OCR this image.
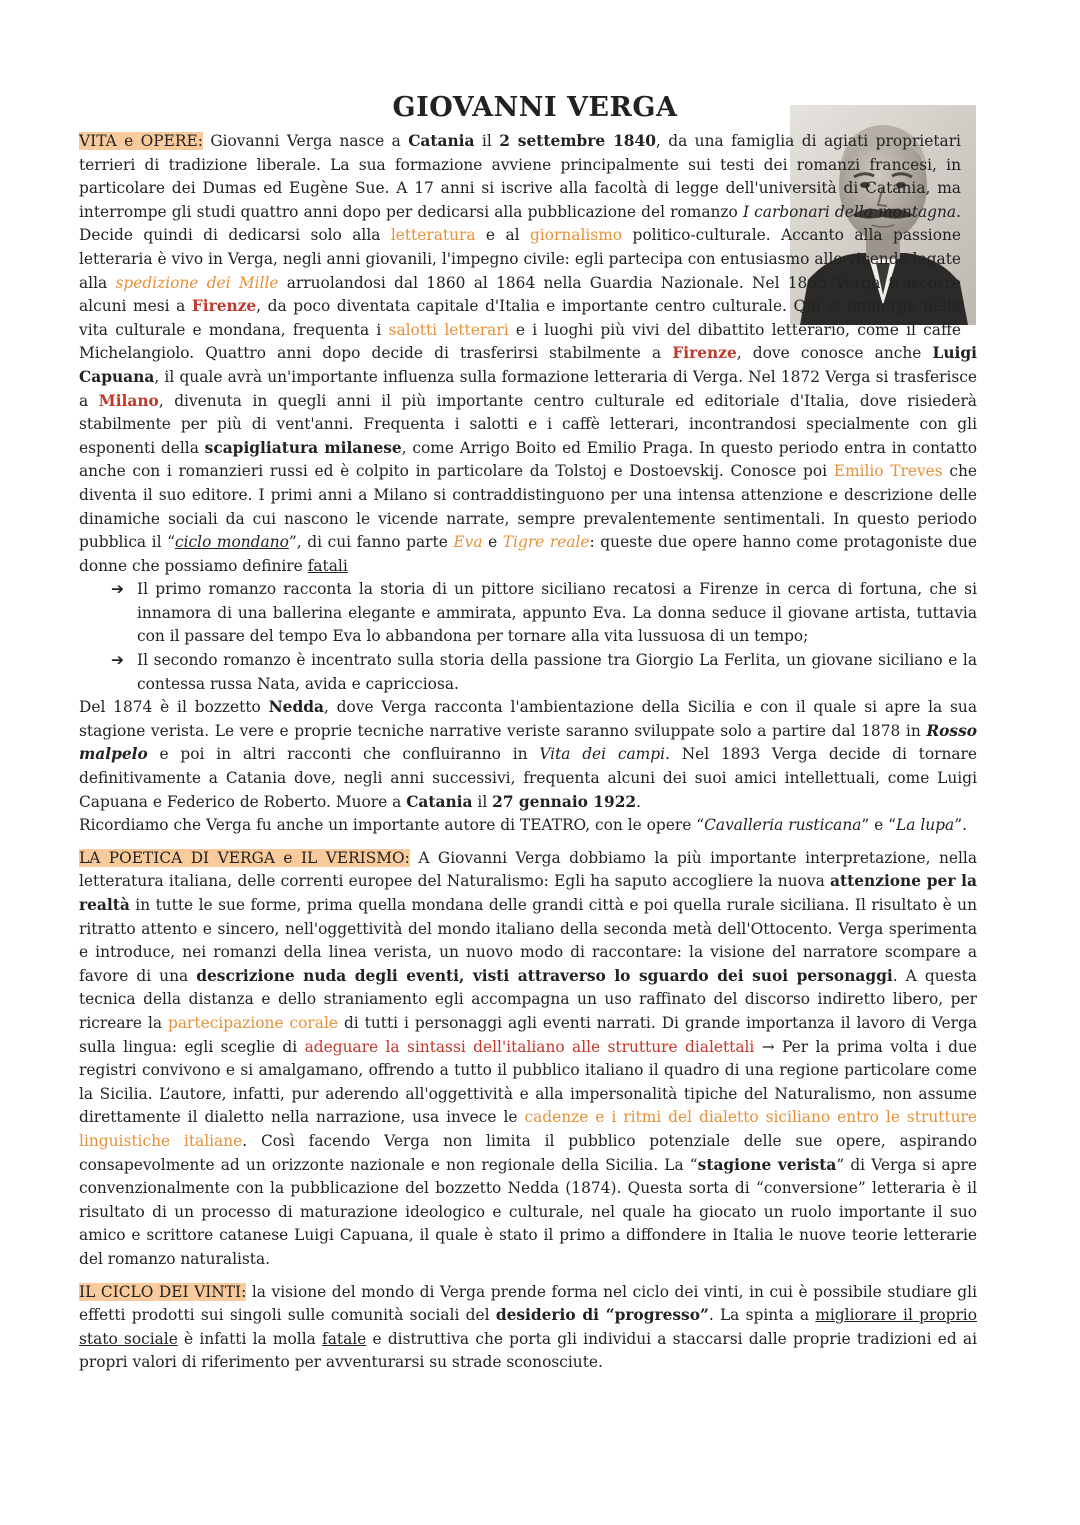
GIOVANNI VERGA

VITA e OPERE: Giovanni Verga nasce a Catania il 2 settembre 1840, da una famiglia di agiati proprietari terrieri di tradizione liberale. La sua formazione avviene principalmente sui testi dei romanzi francesi, in particolare dei Dumas ed Eugène Sue. A 17 anni si iscrive alla facoltà di legge dell'università di Catania, ma interrompe gli studi quattro anni dopo per dedicarsi alla pubblicazione del romanzo I carbonari della montagna. Decide quindi di dedicarsi solo alla letteratura e al giornalismo politico-culturale. Accanto alla passione letteraria è vivo in Verga, negli anni giovanili, l'impegno civile: egli partecipa con entusiasmo alle vicende legate alla spedizione dei Mille arruolandosi dal 1860 al 1864 nella Guardia Nazionale. Nel 1865 Verga trascorre alcuni mesi a Firenze, da poco diventata capitale d'Italia e importante centro culturale. Qui si immerge nella vita culturale e mondana, frequenta i salotti letterari e i luoghi più vivi del dibattito letterario, come il caffè Michelangiolo. Quattro anni dopo decide di trasferirsi stabilmente a Firenze, dove conosce anche Luigi Capuana, il quale avrà un'importante influenza sulla formazione letteraria di Verga. Nel 1872 Verga si trasferisce a Milano, divenuta in quegli anni il più importante centro culturale ed editoriale d'Italia, dove risiederà stabilmente per più di vent'anni. Frequenta i salotti e i caffè letterari, incontrandosi specialmente con gli esponenti della scapigliatura milanese, come Arrigo Boito ed Emilio Praga. In questo periodo entra in contatto anche con i romanzieri russi ed è colpito in particolare da Tolstoj e Dostoevskij. Conosce poi Emilio Treves che diventa il suo editore. I primi anni a Milano si contraddistinguono per una intensa attenzione e descrizione delle dinamiche sociali da cui nascono le vicende narrate, sempre prevalentemente sentimentali. In questo periodo pubblica il “ciclo mondano”, di cui fanno parte Eva e Tigre reale: queste due opere hanno come protagoniste due donne che possiamo definire fatali

➔ Il primo romanzo racconta la storia di un pittore siciliano recatosi a Firenze in cerca di fortuna, che si innamora di una ballerina elegante e ammirata, appunto Eva. La donna seduce il giovane artista, tuttavia con il passare del tempo Eva lo abbandona per tornare alla vita lussuosa di un tempo;
➔ Il secondo romanzo è incentrato sulla storia della passione tra Giorgio La Ferlita, un giovane siciliano e la contessa russa Nata, avida e capricciosa.

Del 1874 è il bozzetto Nedda, dove Verga racconta l'ambientazione della Sicilia e con il quale si apre la sua stagione verista. Le vere e proprie tecniche narrative veriste saranno sviluppate solo a partire dal 1878 in Rosso malpelo e poi in altri racconti che confluiranno in Vita dei campi. Nel 1893 Verga decide di tornare definitivamente a Catania dove, negli anni successivi, frequenta alcuni dei suoi amici intellettuali, come Luigi Capuana e Federico de Roberto. Muore a Catania il 27 gennaio 1922.

Ricordiamo che Verga fu anche un importante autore di TEATRO, con le opere “Cavalleria rusticana” e “La lupa”.

LA POETICA DI VERGA e IL VERISMO: A Giovanni Verga dobbiamo la più importante interpretazione, nella letteratura italiana, delle correnti europee del Naturalismo: Egli ha saputo accogliere la nuova attenzione per la realtà in tutte le sue forme, prima quella mondana delle grandi città e poi quella rurale siciliana. Il risultato è un ritratto attento e sincero, nell'oggettività del mondo italiano della seconda metà dell'Ottocento. Verga sperimenta e introduce, nei romanzi della linea verista, un nuovo modo di raccontare: la visione del narratore scompare a favore di una descrizione nuda degli eventi, visti attraverso lo sguardo dei suoi personaggi. A questa tecnica della distanza e dello straniamento egli accompagna un uso raffinato del discorso indiretto libero, per ricreare la partecipazione corale di tutti i personaggi agli eventi narrati. Di grande importanza il lavoro di Verga sulla lingua: egli sceglie di adeguare la sintassi dell'italiano alle strutture dialettali → Per la prima volta i due registri convivono e si amalgamano, offrendo a tutto il pubblico italiano il quadro di una regione particolare come la Sicilia. L’autore, infatti, pur aderendo all'oggettività e alla impersonalità tipiche del Naturalismo, non assume direttamente il dialetto nella narrazione, usa invece le cadenze e i ritmi del dialetto siciliano entro le strutture linguistiche italiane. Così facendo Verga non limita il pubblico potenziale delle sue opere, aspirando consapevolmente ad un orizzonte nazionale e non regionale della Sicilia. La “stagione verista” di Verga si apre convenzionalmente con la pubblicazione del bozzetto Nedda (1874). Questa sorta di “conversione” letteraria è il risultato di un processo di maturazione ideologico e culturale, nel quale ha giocato un ruolo importante il suo amico e scrittore catanese Luigi Capuana, il quale è stato il primo a diffondere in Italia le nuove teorie letterarie del romanzo naturalista.

IL CICLO DEI VINTI: la visione del mondo di Verga prende forma nel ciclo dei vinti, in cui è possibile studiare gli effetti prodotti sui singoli sulle comunità sociali del desiderio di “progresso”. La spinta a migliorare il proprio stato sociale è infatti la molla fatale e distruttiva che porta gli individui a staccarsi dalle proprie tradizioni ed ai propri valori di riferimento per avventurarsi su strade sconosciute.
